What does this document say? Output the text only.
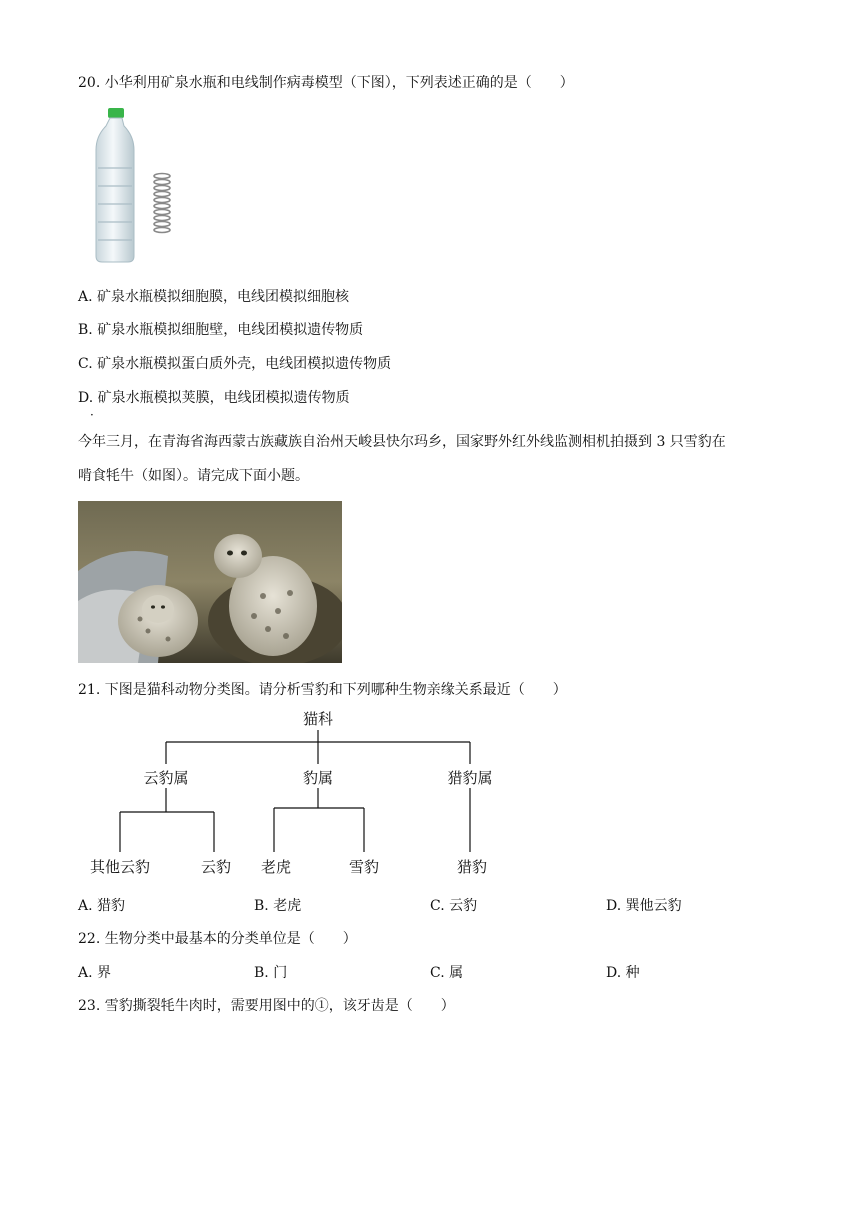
20. 小华利用矿泉水瓶和电线制作病毒模型（下图），下列表述正确的是（　　）
A. 矿泉水瓶模拟细胞膜，电线团模拟细胞核
B. 矿泉水瓶模拟细胞壁，电线团模拟遗传物质
C. 矿泉水瓶模拟蛋白质外壳，电线团模拟遗传物质
D. 矿泉水瓶模拟荚膜，电线团模拟遗传物质
·
今年三月，在青海省海西蒙古族藏族自治州天峻县快尔玛乡，国家野外红外线监测相机拍摄到 3 只雪豹在
啃食牦牛（如图）。请完成下面小题。
21. 下图是猫科动物分类图。请分析雪豹和下列哪种生物亲缘关系最近（　　）
猫科
云豹属	豹属	猎豹属
其他云豹	云豹 老虎	雪豹	猎豹
A. 猎豹	B. 老虎	C. 云豹	D. 巽他云豹
22. 生物分类中最基本的分类单位是（　　）
A. 界	B. 门	C. 属	D. 种
23. 雪豹撕裂牦牛肉时，需要用图中的①，该牙齿是（　　）
